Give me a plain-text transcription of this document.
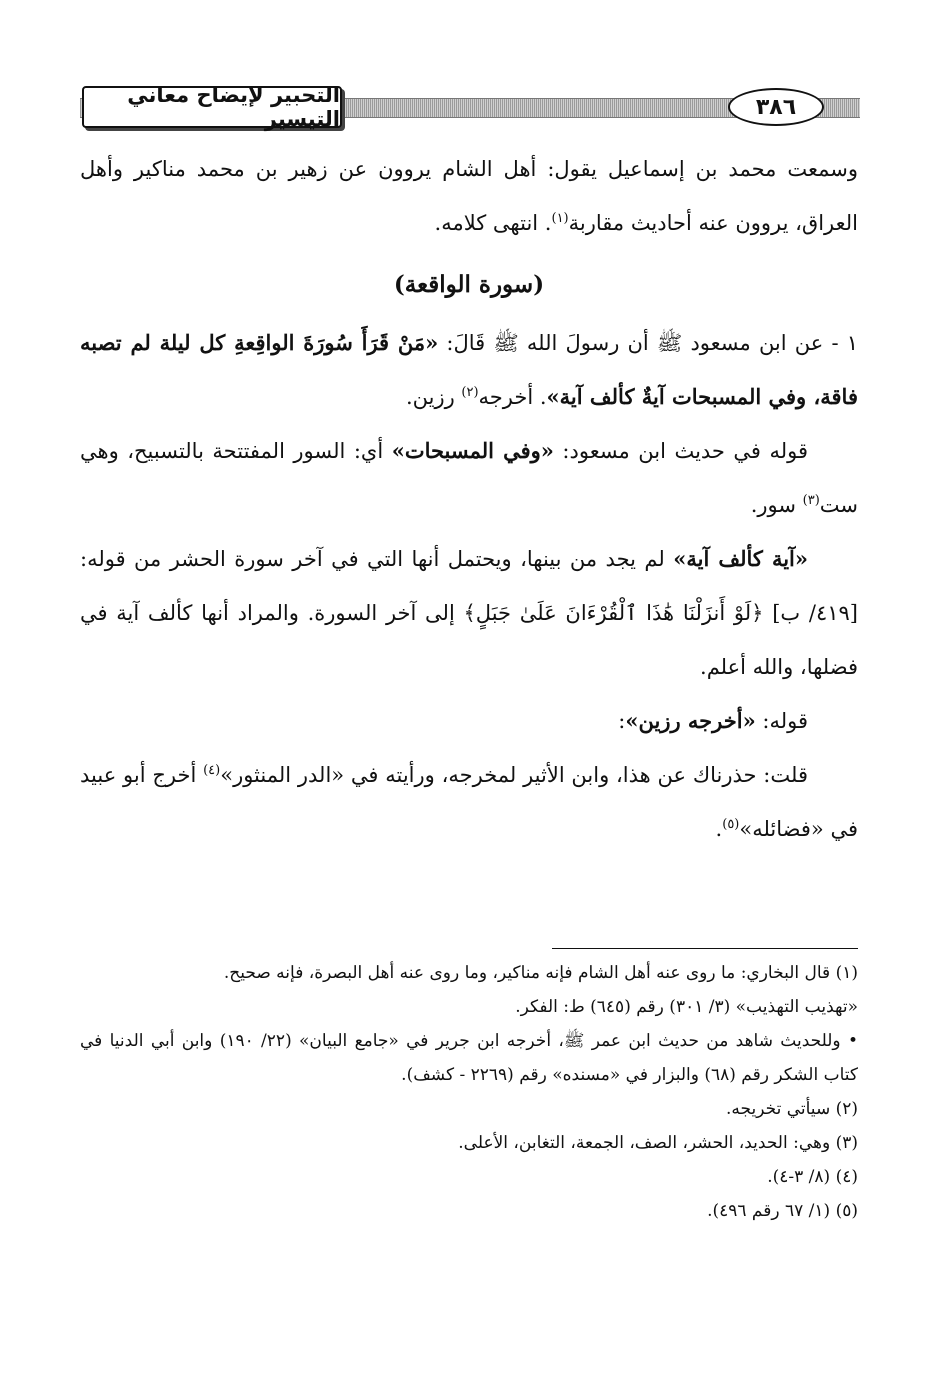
التحبير لإيضاح معاني التيسير	٣٨٦

وسمعت محمد بن إسماعيل يقول: أهل الشام يروون عن زهير بن محمد مناكير وأهل العراق، يروون عنه أحاديث مقاربة$^{(١)}$. انتهى كلامه.

(سورة الواقعة)

١ - عن ابن مسعود ﷺ أن رسولَ الله ﷺ قَالَ: «مَنْ قَرَأَ سُورَةَ الواقِعةِ كل ليلة لم تصبه فاقة، وفي المسبحات آيةٌ كألف آية». أخرجه$^{(٢)}$ رزين.

قوله في حديث ابن مسعود: «وفي المسبحات» أي: السور المفتتحة بالتسبيح، وهي ست$^{(٣)}$ سور.

«آية كألف آية» لم يجد من بينها، ويحتمل أنها التي في آخر سورة الحشر من قوله: [٤١٩/ ب] ﴿لَوْ أَنزَلْنَا هَٰذَا ٱلْقُرْءَانَ عَلَىٰ جَبَلٍ﴾ إلى آخر السورة. والمراد أنها كألف آية في فضلها، والله أعلم.

قوله: «أخرجه رزين»:

قلت: حذرناك عن هذا، وابن الأثير لمخرجه، ورأيته في «الدر المنثور»$^{(٤)}$ أخرج أبو عبيد في «فضائله»$^{(٥)}$.

(١) قال البخاري: ما روى عنه أهل الشام فإنه مناكير، وما روى عنه أهل البصرة، فإنه صحيح.

«تهذيب التهذيب» (٣/ ٣٠١) رقم (٦٤٥) ط: الفكر.

• وللحديث شاهد من حديث ابن عمر ﷺ، أخرجه ابن جرير في «جامع البيان» (٢٢/ ١٩٠) وابن أبي الدنيا في كتاب الشكر رقم (٦٨) والبزار في «مسنده» رقم (٢٢٦٩ - كشف).

(٢) سيأتي تخريجه.

(٣) وهي: الحديد، الحشر، الصف، الجمعة، التغابن، الأعلى.

(٤) (٨/ ٣-٤).

(٥) (١/ ٦٧ رقم ٤٩٦).
